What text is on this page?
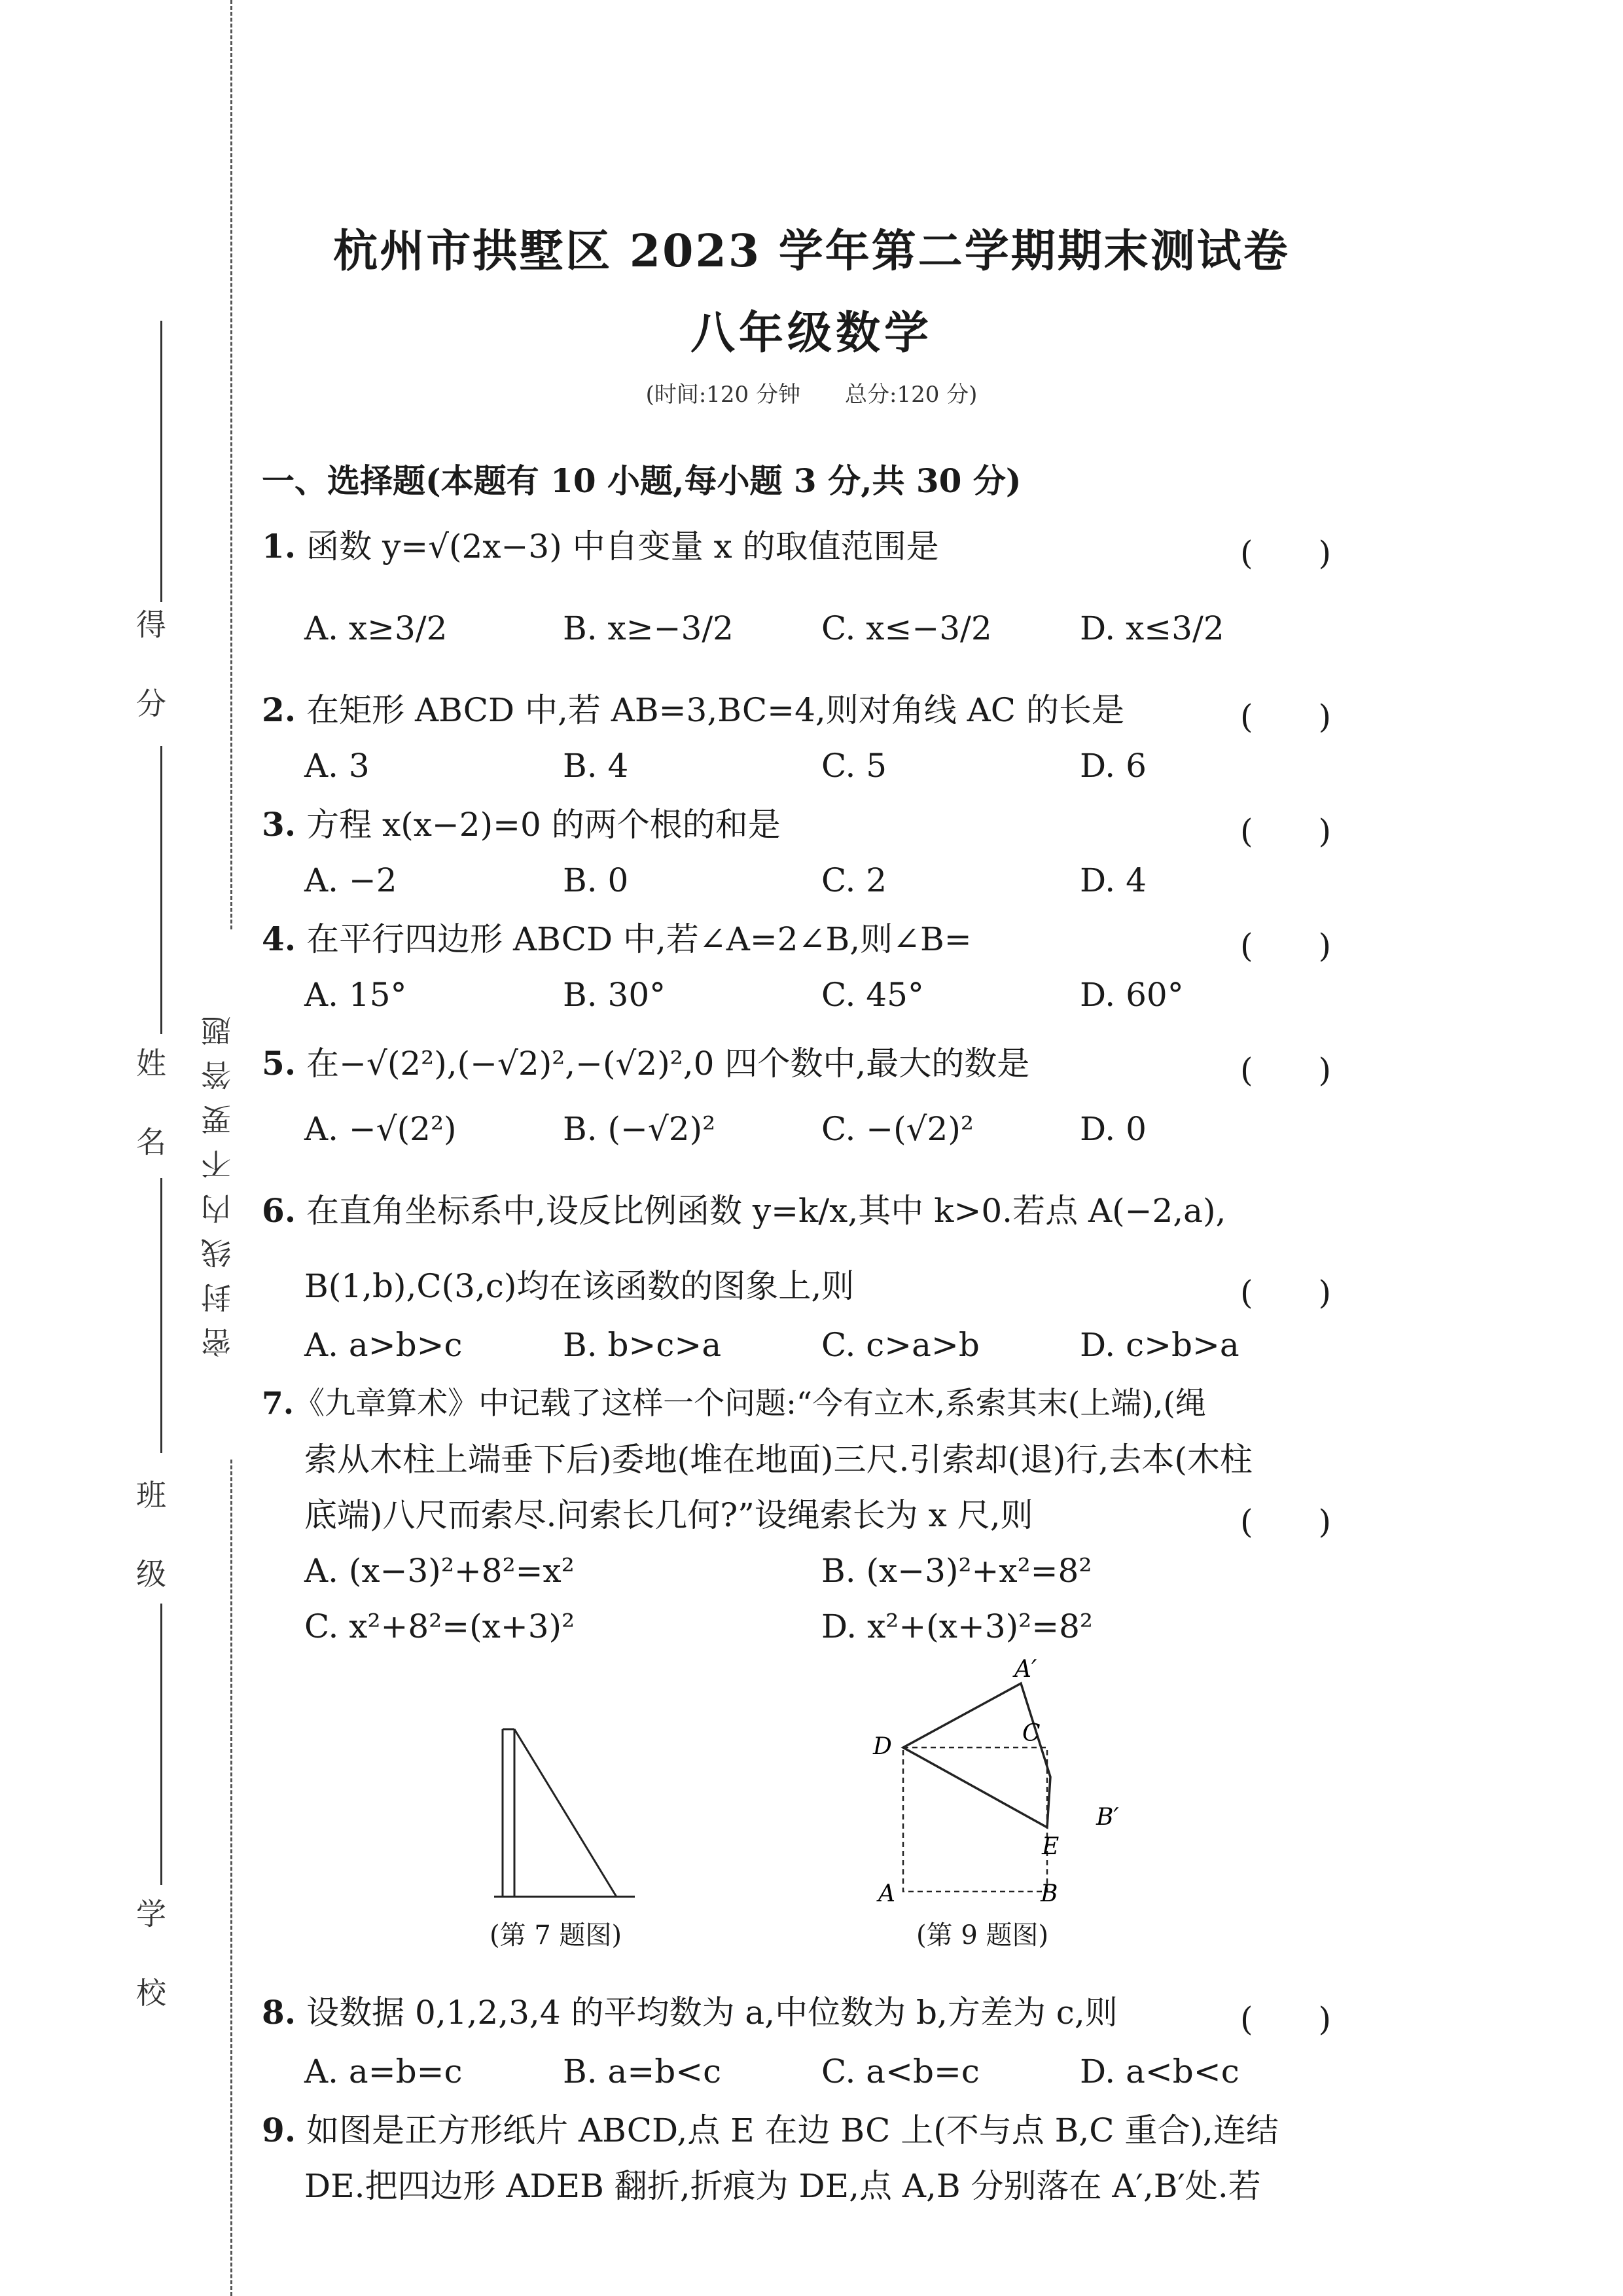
得 分
姓 名
班 级
学 校
密封线内不要答题
杭州市拱墅区 2023 学年第二学期期末测试卷
八年级数学
(时间:120 分钟　　总分:120 分)
一、选择题(本题有 10 小题,每小题 3 分,共 30 分)
1. 函数 y=√(2x−3) 中自变量 x 的取值范围是	(　　)
A. x≥3/2	B. x≥−3/2	C. x≤−3/2	D. x≤3/2
2. 在矩形 ABCD 中,若 AB=3,BC=4,则对角线 AC 的长是	(　　)
A. 3	B. 4	C. 5	D. 6
3. 方程 x(x−2)=0 的两个根的和是	(　　)
A. −2	B. 0	C. 2	D. 4
4. 在平行四边形 ABCD 中,若∠A=2∠B,则∠B=	(　　)
A. 15°	B. 30°	C. 45°	D. 60°
5. 在−√(2²),(−√2)²,−(√2)²,0 四个数中,最大的数是	(　　)
A. −√(2²)	B. (−√2)²	C. −(√2)²	D. 0
6. 在直角坐标系中,设反比例函数 y=k/x,其中 k>0.若点 A(−2,a),
B(1,b),C(3,c)均在该函数的图象上,则	(　　)
A. a>b>c	B. b>c>a	C. c>a>b	D. c>b>a
7.《九章算术》中记载了这样一个问题:“今有立木,系索其末(上端),(绳
索从木柱上端垂下后)委地(堆在地面)三尺.引索却(退)行,去本(木柱
底端)八尺而索尽.问索长几何?”设绳索长为 x 尺,则	(　　)
A. (x−3)²+8²=x²	B. (x−3)²+x²=8²
C. x²+8²=(x+3)²	D. x²+(x+3)²=8²
(第 7 题图)
A′
C
D
B′
E
A	B
(第 9 题图)
8. 设数据 0,1,2,3,4 的平均数为 a,中位数为 b,方差为 c,则	(　　)
A. a=b=c	B. a=b<c	C. a<b=c	D. a<b<c
9. 如图是正方形纸片 ABCD,点 E 在边 BC 上(不与点 B,C 重合),连结
DE.把四边形 ADEB 翻折,折痕为 DE,点 A,B 分别落在 A′,B′处.若
